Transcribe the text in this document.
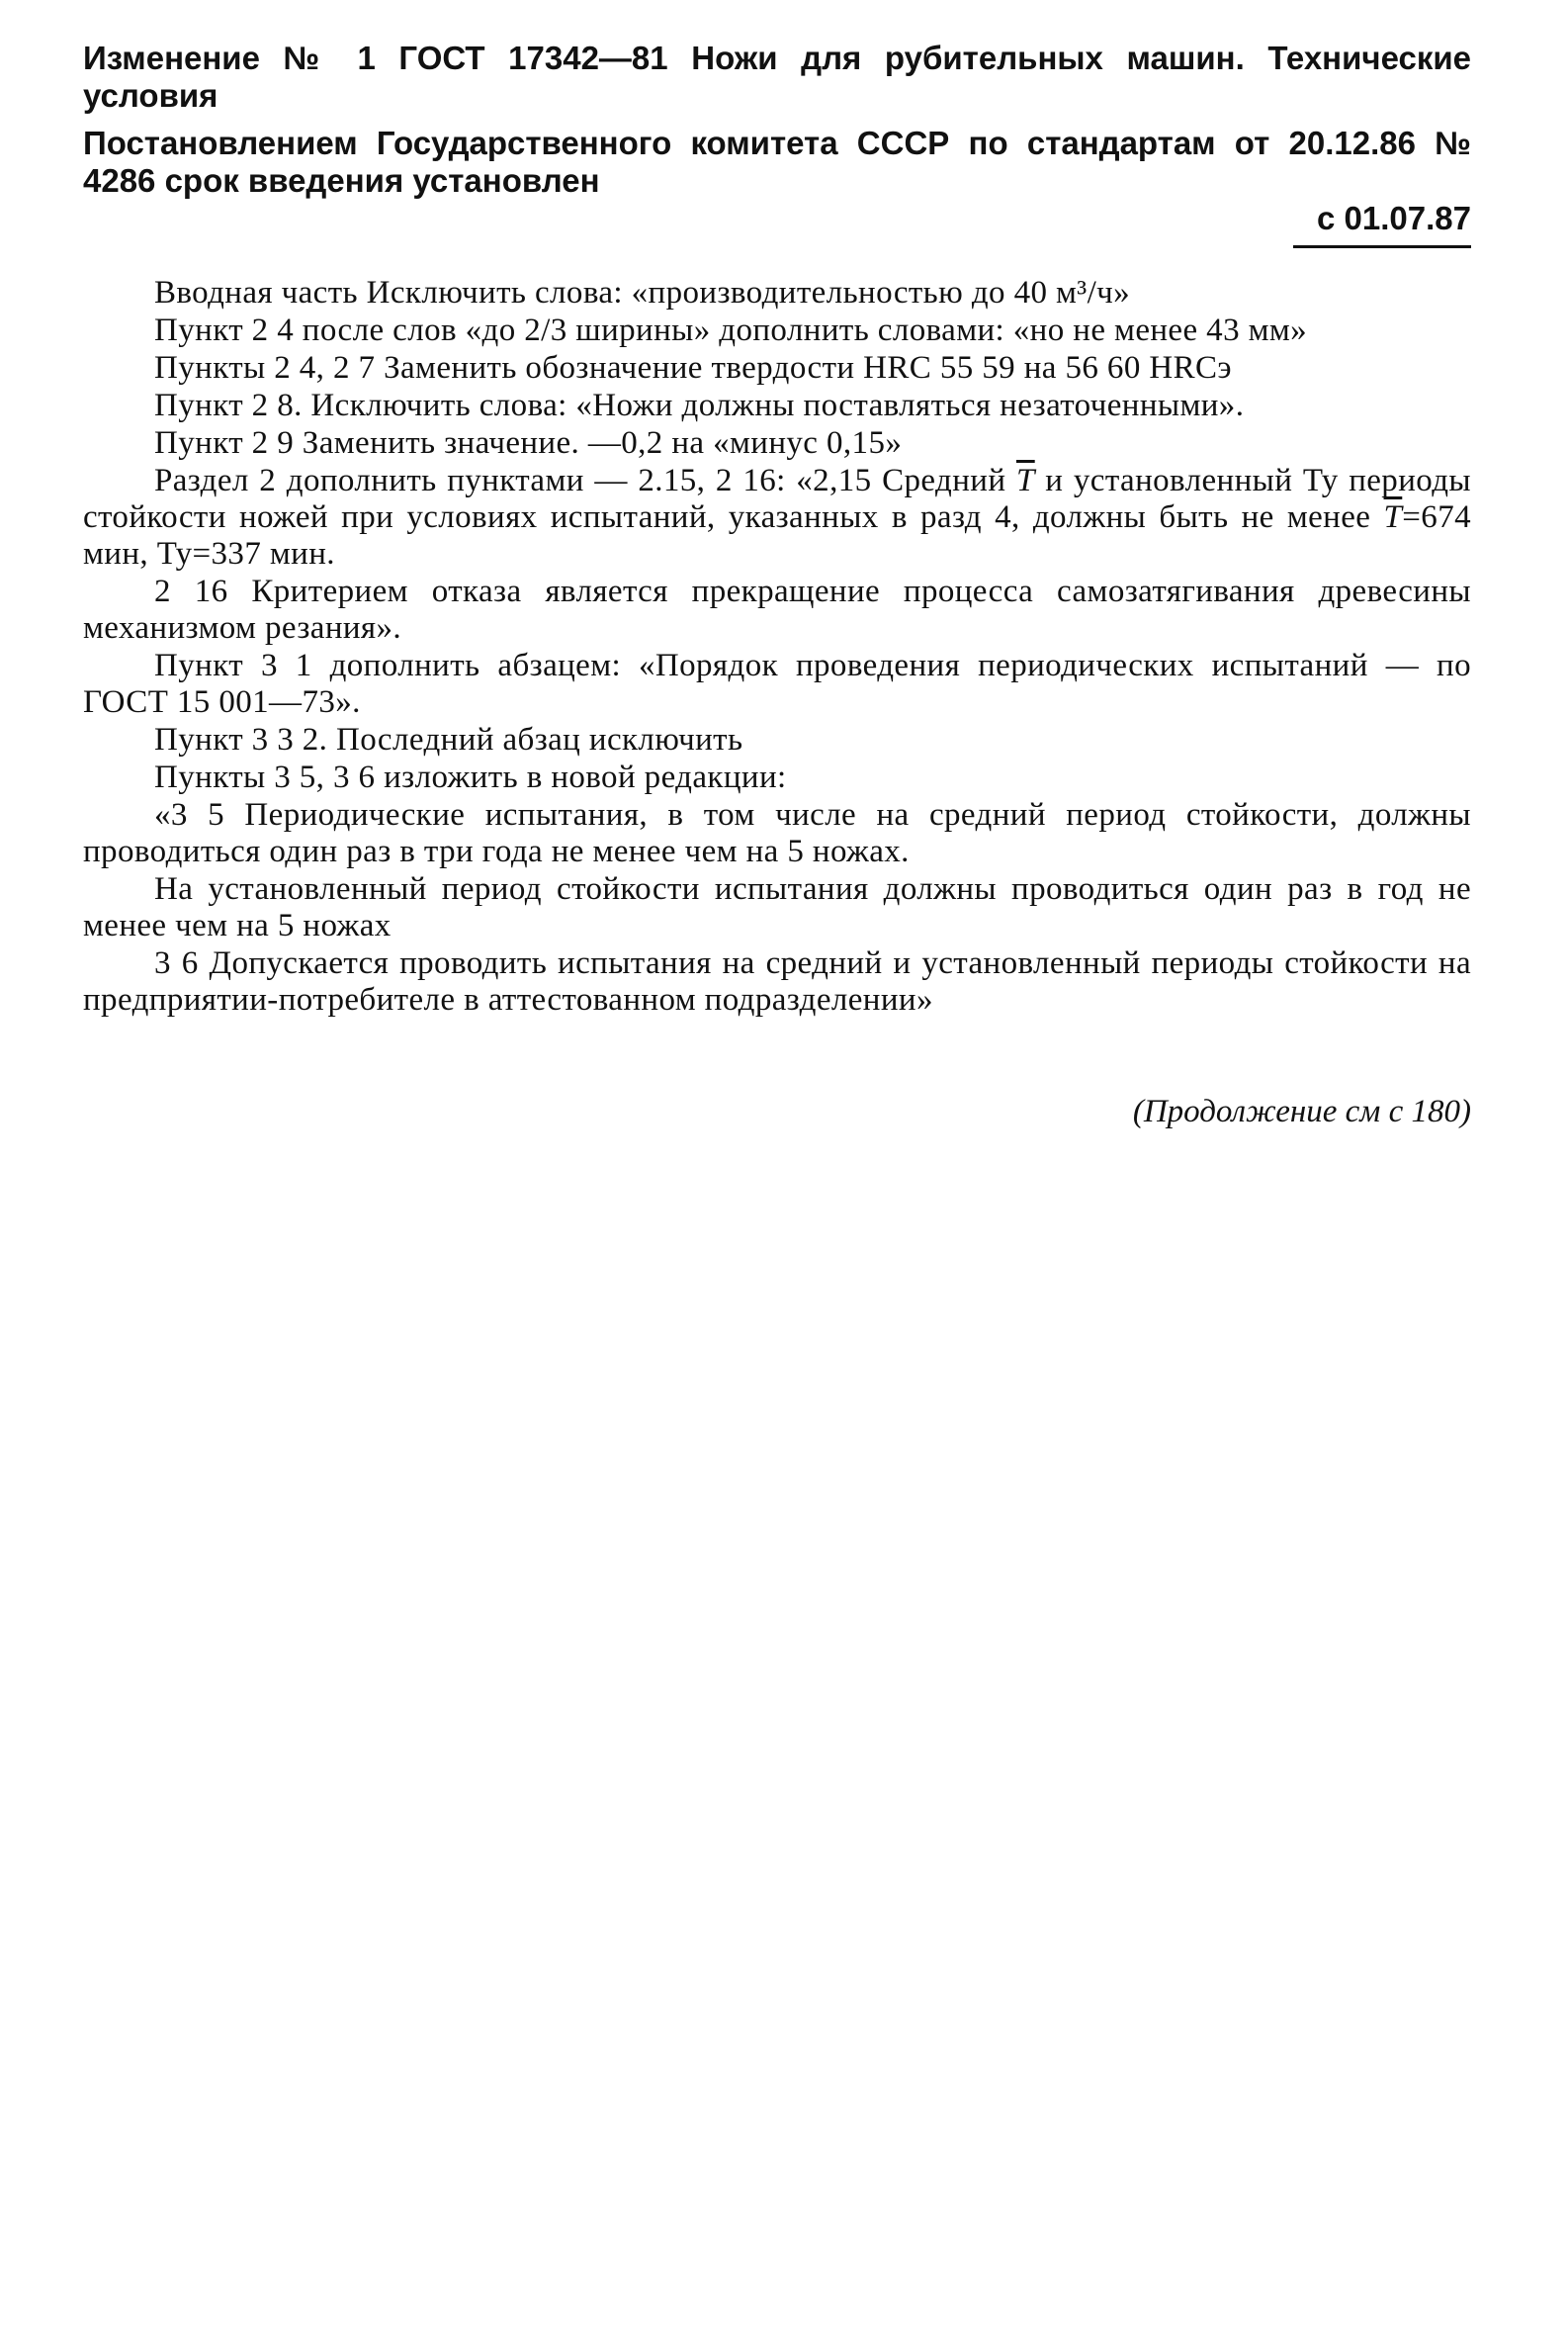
Изменение № 1 ГОСТ 17342—81 Ножи для рубительных машин. Технические условия

Постановлением Государственного комитета СССР по стандартам от 20.12.86 № 4286 срок введения установлен

с 01.07.87

Вводная часть Исключить слова: «производительностью до 40 м³/ч»

Пункт 2 4 после слов «до 2/3 ширины» дополнить словами: «но не менее 43 мм»

Пункты 2 4, 2 7 Заменить обозначение твердости HRC 55 59 на 56 60 HRCэ

Пункт 2 8. Исключить слова: «Ножи должны поставляться незаточенными».

Пункт 2 9 Заменить значение. —0,2 на «минус 0,15»

Раздел 2 дополнить пунктами — 2.15, 2 16: «2,15 Средний $\overline{T}$ и установленный Ту периоды стойкости ножей при условиях испытаний, указанных в разд 4, должны быть не менее $\overline{T}=674$ мин, Ту=337 мин.

2 16 Критерием отказа является прекращение процесса самозатягивания древесины механизмом резания».

Пункт 3 1 дополнить абзацем: «Порядок проведения периодических испытаний — по ГОСТ 15 001—73».

Пункт 3 3 2. Последний абзац исключить

Пункты 3 5, 3 6 изложить в новой редакции:

«3 5 Периодические испытания, в том числе на средний период стойкости, должны проводиться один раз в три года не менее чем на 5 ножах.

На установленный период стойкости испытания должны проводиться один раз в год не менее чем на 5 ножах

3 6 Допускается проводить испытания на средний и установленный периоды стойкости на предприятии-потребителе в аттестованном подразделении»

(Продолжение см с 180)
